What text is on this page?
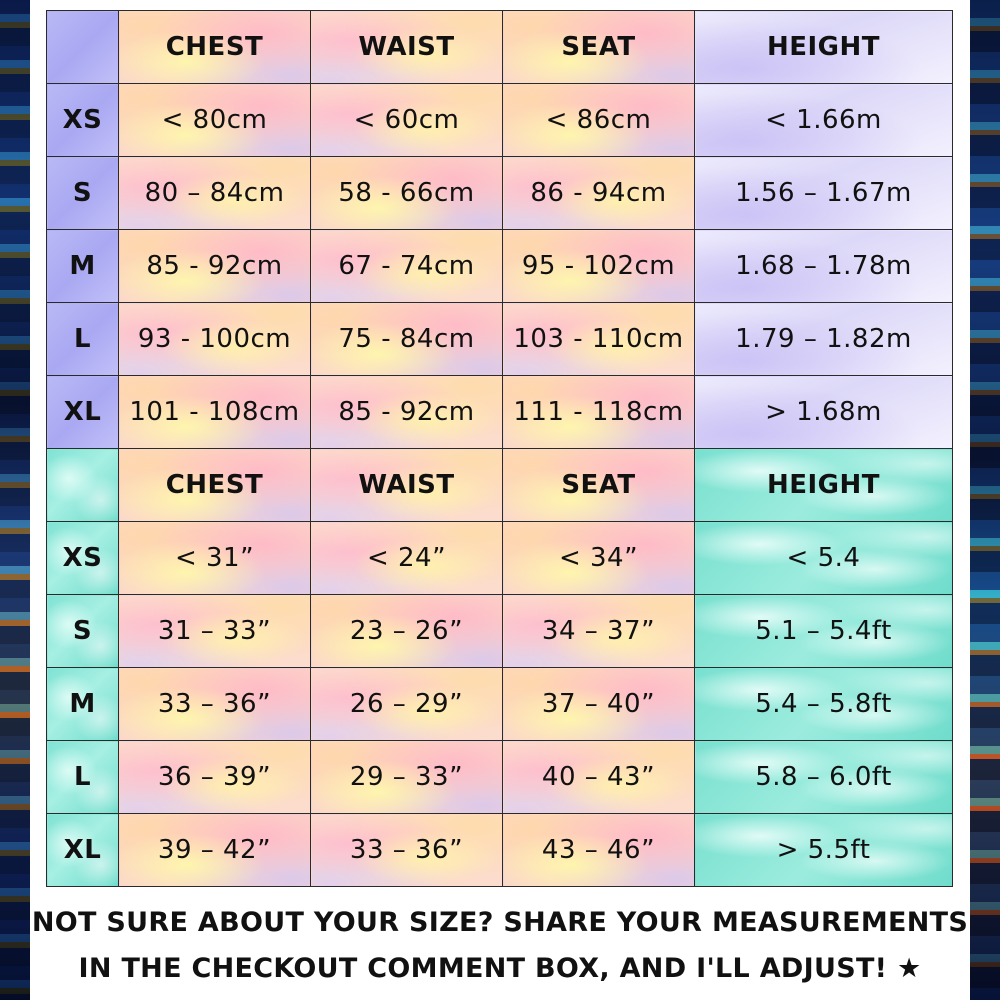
	CHEST	WAIST	SEAT	HEIGHT
XS	< 80cm	< 60cm	< 86cm	< 1.66m
S	80 – 84cm	58 - 66cm	86 - 94cm	1.56 – 1.67m
M	85 - 92cm	67 - 74cm	95 - 102cm	1.68 – 1.78m
L	93 - 100cm	75 - 84cm	103 - 110cm	1.79 – 1.82m
XL	101 - 108cm	85 - 92cm	111 - 118cm	> 1.68m
	CHEST	WAIST	SEAT	HEIGHT
XS	< 31”	< 24”	< 34”	< 5.4
S	31 – 33”	23 – 26”	34 – 37”	5.1 – 5.4ft
M	33 – 36”	26 – 29”	37 – 40”	5.4 – 5.8ft
L	36 – 39”	29 – 33”	40 – 43”	5.8 – 6.0ft
XL	39 – 42”	33 – 36”	43 – 46”	> 5.5ft
NOT SURE ABOUT YOUR SIZE? SHARE YOUR MEASUREMENTS
IN THE CHECKOUT COMMENT BOX, AND I'LL ADJUST! ★
